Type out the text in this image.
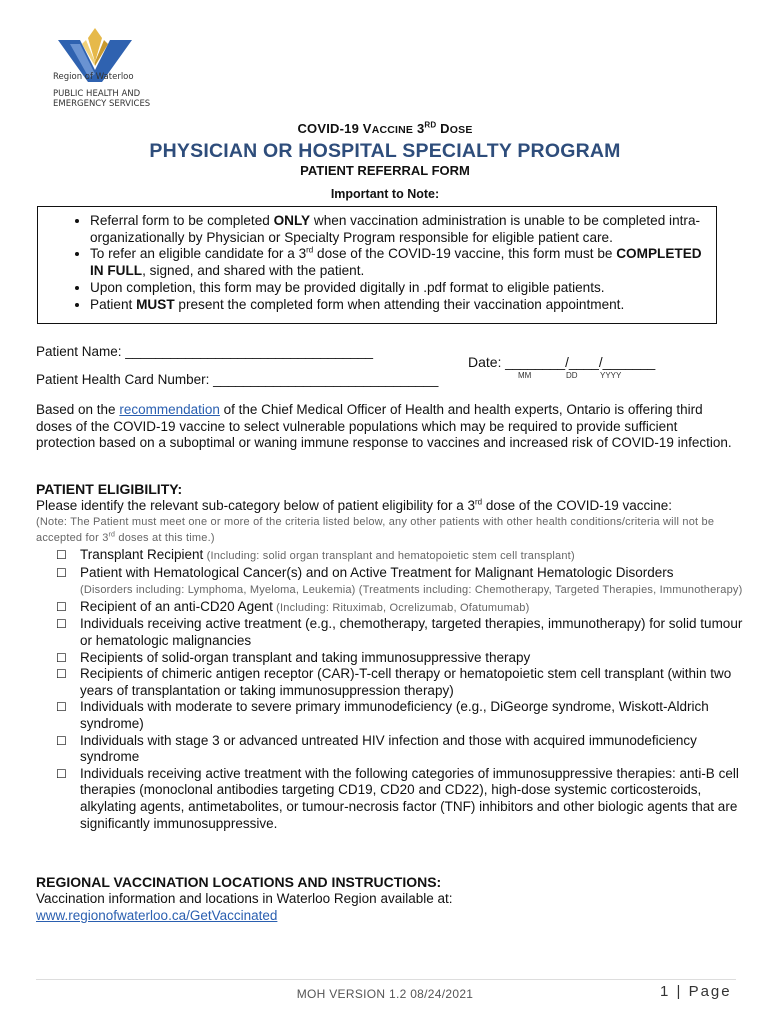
Region of Waterloo
PUBLIC HEALTH AND
EMERGENCY SERVICES
COVID-19 VACCINE 3RD DOSE
PHYSICIAN OR HOSPITAL SPECIALTY PROGRAM
PATIENT REFERRAL FORM
Important to Note:
• Referral form to be completed ONLY when vaccination administration is unable to be completed intra-organizationally by Physician or Specialty Program responsible for eligible patient care.
• To refer an eligible candidate for a 3rd dose of the COVID-19 vaccine, this form must be COMPLETED IN FULL, signed, and shared with the patient.
• Upon completion, this form may be provided digitally in .pdf format to eligible patients.
• Patient MUST present the completed form when attending their vaccination appointment.
Patient Name: _________________________________
Patient Health Card Number: ______________________________
Date: ________/____/_______
MM	DD	YYYY
Based on the recommendation of the Chief Medical Officer of Health and health experts, Ontario is offering third doses of the COVID-19 vaccine to select vulnerable populations which may be required to provide sufficient protection based on a suboptimal or waning immune response to vaccines and increased risk of COVID-19 infection.
PATIENT ELIGIBILITY:
Please identify the relevant sub-category below of patient eligibility for a 3rd dose of the COVID-19 vaccine:
(Note: The Patient must meet one or more of the criteria listed below, any other patients with other health conditions/criteria will not be accepted for 3rd doses at this time.)
☐ Transplant Recipient (Including: solid organ transplant and hematopoietic stem cell transplant)
☐ Patient with Hematological Cancer(s) and on Active Treatment for Malignant Hematologic Disorders
(Disorders including: Lymphoma, Myeloma, Leukemia) (Treatments including: Chemotherapy, Targeted Therapies, Immunotherapy)
☐ Recipient of an anti-CD20 Agent (Including: Rituximab, Ocrelizumab, Ofatumumab)
☐ Individuals receiving active treatment (e.g., chemotherapy, targeted therapies, immunotherapy) for solid tumour or hematologic malignancies
☐ Recipients of solid-organ transplant and taking immunosuppressive therapy
☐ Recipients of chimeric antigen receptor (CAR)-T-cell therapy or hematopoietic stem cell transplant (within two years of transplantation or taking immunosuppression therapy)
☐ Individuals with moderate to severe primary immunodeficiency (e.g., DiGeorge syndrome, Wiskott-Aldrich syndrome)
☐ Individuals with stage 3 or advanced untreated HIV infection and those with acquired immunodeficiency syndrome
☐ Individuals receiving active treatment with the following categories of immunosuppressive therapies: anti-B cell therapies (monoclonal antibodies targeting CD19, CD20 and CD22), high-dose systemic corticosteroids, alkylating agents, antimetabolites, or tumour-necrosis factor (TNF) inhibitors and other biologic agents that are significantly immunosuppressive.
REGIONAL VACCINATION LOCATIONS AND INSTRUCTIONS:
Vaccination information and locations in Waterloo Region available at:
www.regionofwaterloo.ca/GetVaccinated
MOH VERSION 1.2 08/24/2021	1 | Page
